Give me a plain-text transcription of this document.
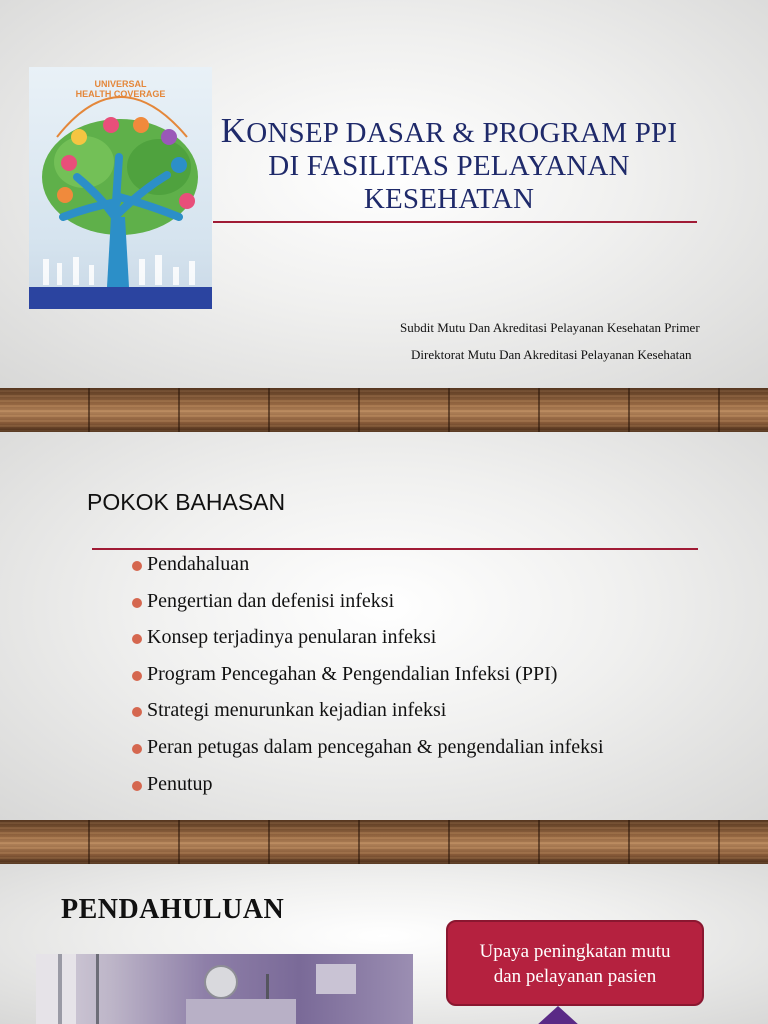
UNIVERSAL
HEALTH COVERAGE
KONSEP DASAR & PROGRAM PPI
DI FASILITAS PELAYANAN
KESEHATAN
Subdit Mutu Dan Akreditasi Pelayanan Kesehatan Primer
Direktorat Mutu Dan Akreditasi Pelayanan Kesehatan
POKOK BAHASAN
Pendahaluan
Pengertian dan defenisi infeksi
Konsep terjadinya penularan infeksi
Program Pencegahan & Pengendalian Infeksi (PPI)
Strategi menurunkan kejadian infeksi
Peran petugas dalam pencegahan & pengendalian infeksi
Penutup
PENDAHULUAN
Upaya peningkatan mutu
dan pelayanan pasien
